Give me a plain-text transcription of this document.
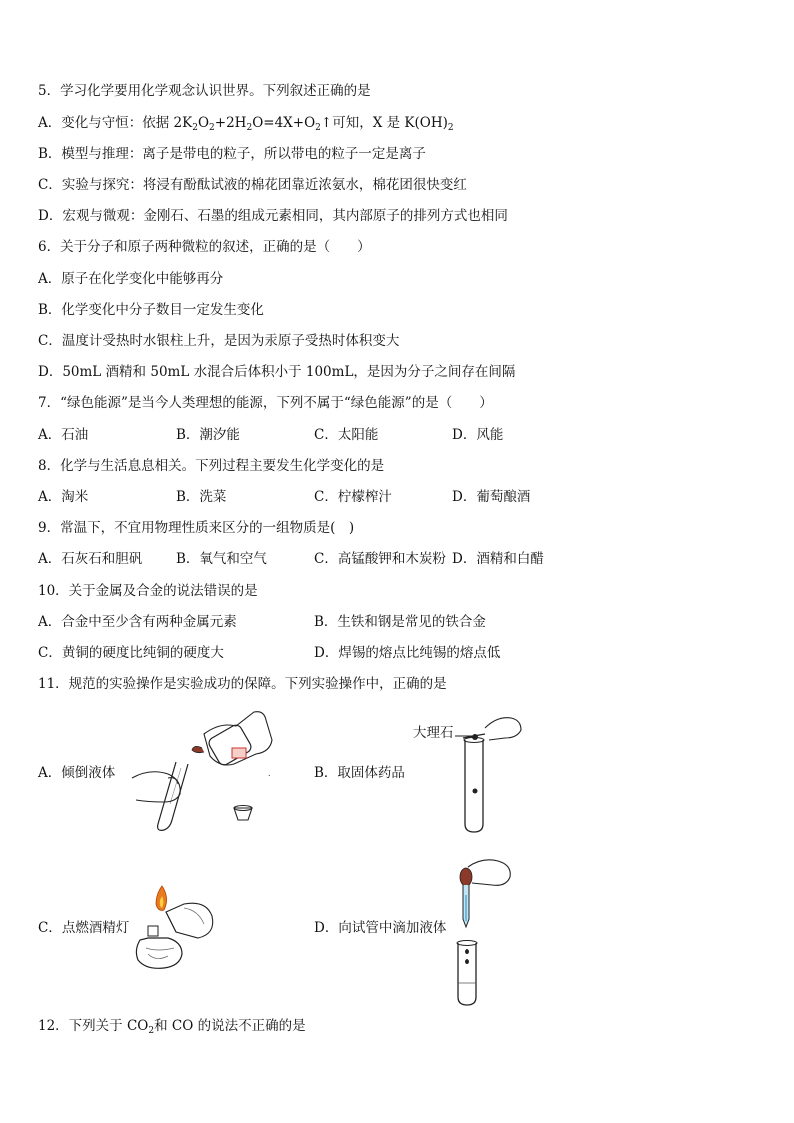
5．学习化学要用化学观念认识世界。下列叙述正确的是
A．变化与守恒：依据 $2K_2O_2+2H_2O=4X+O_2↑$可知，X 是 $K(OH)_2$
B．模型与推理：离子是带电的粒子，所以带电的粒子一定是离子
C．实验与探究：将浸有酚酞试液的棉花团靠近浓氨水，棉花团很快变红
D．宏观与微观：金刚石、石墨的组成元素相同，其内部原子的排列方式也相同
6．关于分子和原子两种微粒的叙述，正确的是（　　）
A．原子在化学变化中能够再分
B．化学变化中分子数目一定发生变化
C．温度计受热时水银柱上升，是因为汞原子受热时体积变大
D．50mL 酒精和 50mL 水混合后体积小于 100mL，是因为分子之间存在间隔
7．“绿色能源”是当今人类理想的能源，下列不属于“绿色能源”的是（　　）
A．石油	B．潮汐能	C．太阳能	D．风能
8．化学与生活息息相关。下列过程主要发生化学变化的是
A．淘米	B．洗菜	C．柠檬榨汁	D．葡萄酿酒
9．常温下，不宜用物理性质来区分的一组物质是(　)
A．石灰石和胆矾	B．氧气和空气	C．高锰酸钾和木炭粉 D．酒精和白醋
10．关于金属及合金的说法错误的是
A．合金中至少含有两种金属元素	B．生铁和钢是常见的铁合金
C．黄铜的硬度比纯铜的硬度大	D．焊锡的熔点比纯锡的熔点低
11．规范的实验操作是实验成功的保障。下列实验操作中，正确的是
A．倾倒液体	.	B．取固体药品
大理石
C．点燃酒精灯	D．向试管中滴加液体
12．下列关于 $CO_2$和 CO 的说法不正确的是
